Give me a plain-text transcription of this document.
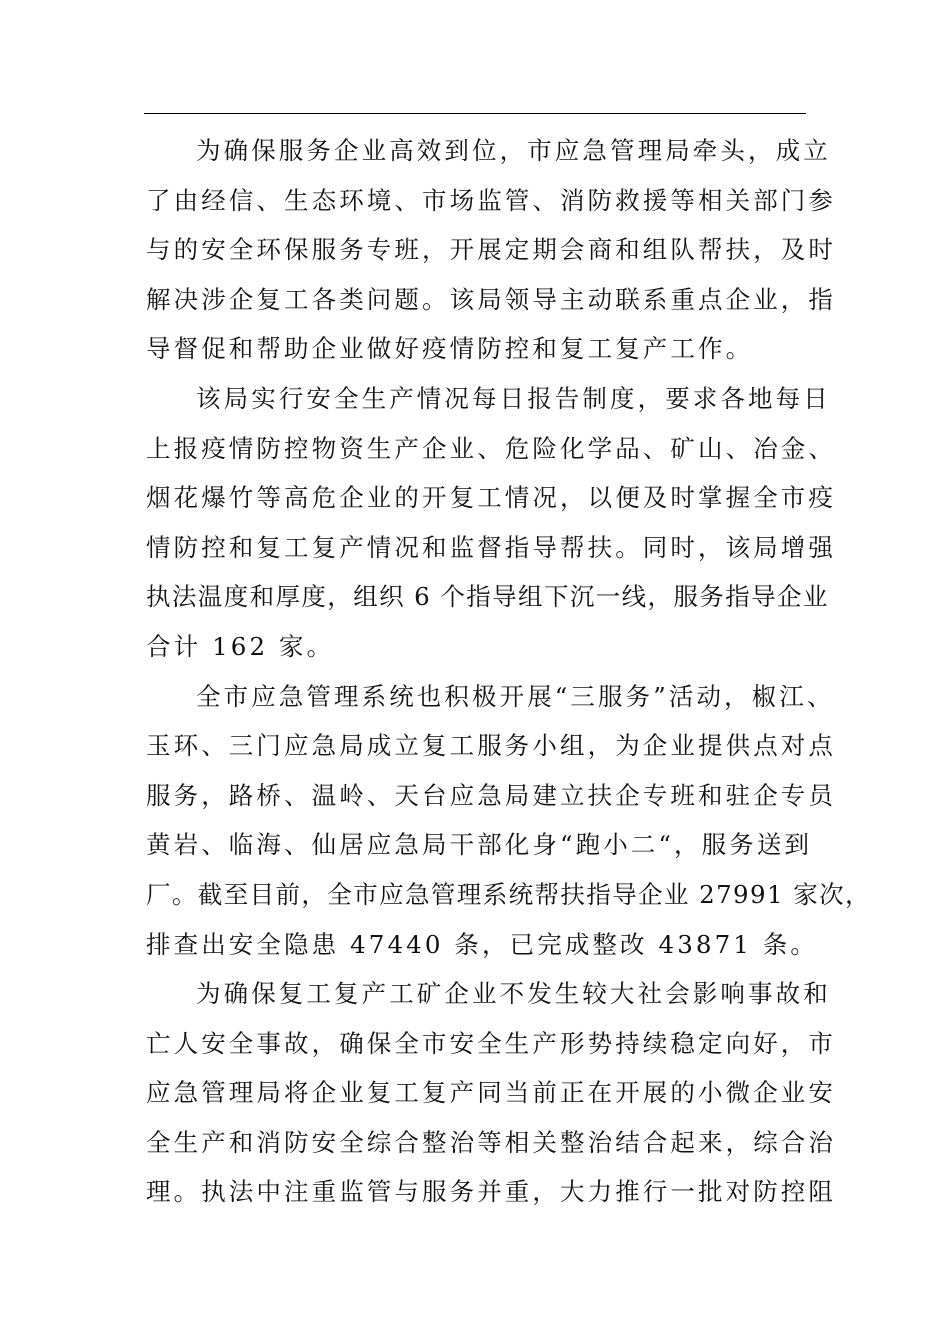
为确保服务企业高效到位，市应急管理局牵头，成立
了由经信、生态环境、市场监管、消防救援等相关部门参
与的安全环保服务专班，开展定期会商和组队帮扶，及时
解决涉企复工各类问题。该局领导主动联系重点企业，指
导督促和帮助企业做好疫情防控和复工复产工作。
该局实行安全生产情况每日报告制度，要求各地每日
上报疫情防控物资生产企业、危险化学品、矿山、冶金、
烟花爆竹等高危企业的开复工情况，以便及时掌握全市疫
情防控和复工复产情况和监督指导帮扶。同时，该局增强
执法温度和厚度，组织 6 个指导组下沉一线，服务指导企业
合计 162 家。
全市应急管理系统也积极开展“三服务”活动，椒江、
玉环、三门应急局成立复工服务小组，为企业提供点对点
服务，路桥、温岭、天台应急局建立扶企专班和驻企专员
黄岩、临海、仙居应急局干部化身“跑小二“，服务送到
厂。截至目前，全市应急管理系统帮扶指导企业 27991 家次，
排查出安全隐患 47440 条，已完成整改 43871 条。
为确保复工复产工矿企业不发生较大社会影响事故和
亡人安全事故，确保全市安全生产形势持续稳定向好，市
应急管理局将企业复工复产同当前正在开展的小微企业安
全生产和消防安全综合整治等相关整治结合起来，综合治
理。执法中注重监管与服务并重，大力推行一批对防控阻
